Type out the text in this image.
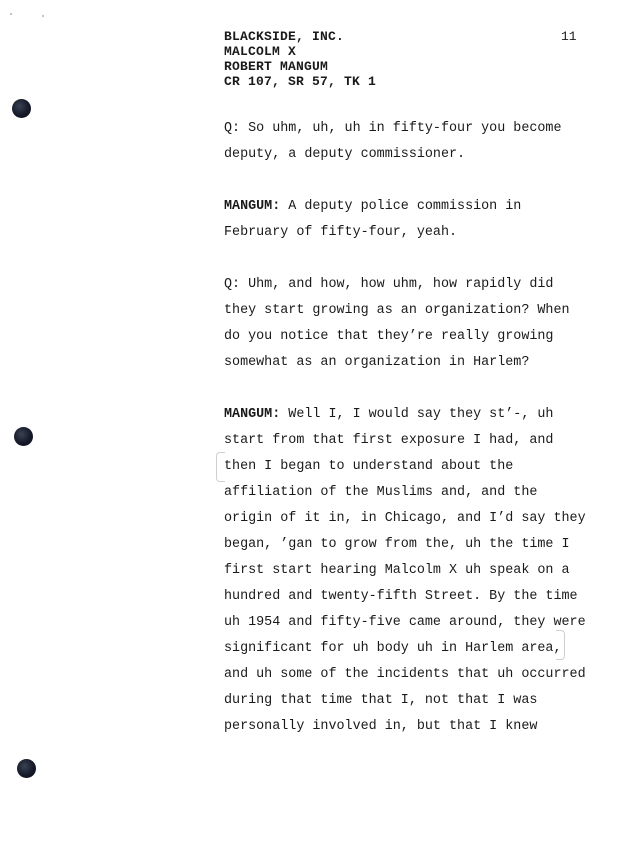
BLACKSIDE, INC.
MALCOLM X
ROBERT MANGUM
CR 107, SR 57, TK 1
11
Q: So uhm, uh, uh in fifty-four you become
deputy, a deputy commissioner.
MANGUM: A deputy police commission in
February of fifty-four, yeah.
Q: Uhm, and how, how uhm, how rapidly did
they start growing as an organization? When
do you notice that they’re really growing
somewhat as an organization in Harlem?
MANGUM: Well I, I would say they st’-, uh
start from that first exposure I had, and
then I began to understand about the
affiliation of the Muslims and, and the
origin of it in, in Chicago, and I’d say they
began, ’gan to grow from the, uh the time I
first start hearing Malcolm X uh speak on a
hundred and twenty-fifth Street. By the time
uh 1954 and fifty-five came around, they were
significant for uh body uh in Harlem area,
and uh some of the incidents that uh occurred
during that time that I, not that I was
personally involved in, but that I knew
